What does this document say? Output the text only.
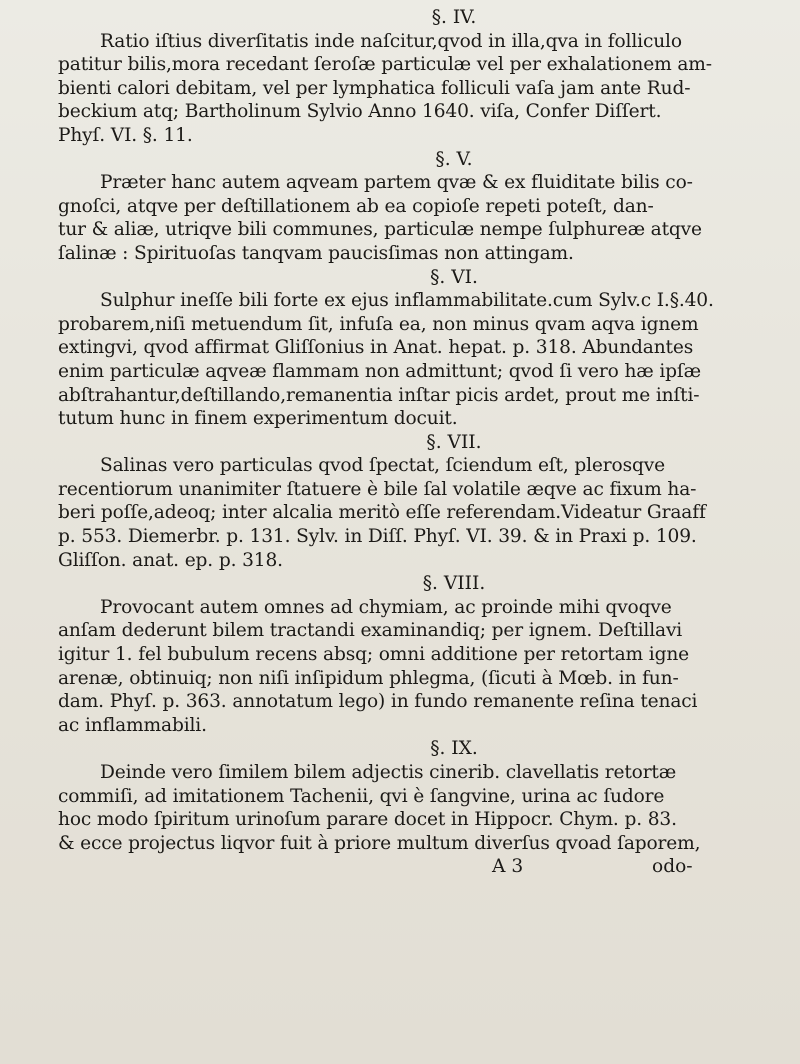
§. IV.

Ratio iſtius diverſitatis inde naſcitur,qvod in illa,qva in folliculo

patitur bilis,mora recedant ſeroſæ particulæ vel per exhalationem am-

bienti calori debitam, vel per lymphatica folliculi vaſa jam ante Rud-

beckium atq; Bartholinum Sylvio Anno 1640. viſa, Confer Diſſert.

Phyſ. VI. §. 11.

§. V.

Præter hanc autem aqveam partem qvæ & ex fluiditate bilis co-

gnoſci, atqve per deſtillationem ab ea copioſe repeti poteſt, dan-

tur & aliæ, utriqve bili communes, particulæ nempe ſulphureæ atqve

ſalinæ : Spirituoſas tanqvam paucisſimas non attingam.

§. VI.

Sulphur ineſſe bili forte ex ejus inflammabilitate.cum Sylv.c I.§.40.

probarem,niſi metuendum ſit, infuſa ea, non minus qvam aqva ignem

extingvi, qvod affirmat Gliſſonius in Anat. hepat. p. 318. Abundantes

enim particulæ aqveæ flammam non admittunt; qvod ſi vero hæ ipſæ

abſtrahantur,deſtillando,remanentia inſtar picis ardet, prout me inſti-

tutum hunc in finem experimentum docuit.

§. VII.

Salinas vero particulas qvod ſpectat, ſciendum eſt, plerosqve

recentiorum unanimiter ſtatuere è bile ſal volatile æqve ac fixum ha-

beri poſſe,adeoq; inter alcalia meritò eſſe referendam.Videatur Graaff

p. 553. Diemerbr. p. 131. Sylv. in Diſſ. Phyſ. VI. 39. & in Praxi p. 109.

Gliſſon. anat. ep. p. 318.

§. VIII.

Provocant autem omnes ad chymiam, ac proinde mihi qvoqve

anſam dederunt bilem tractandi examinandiq; per ignem. Deſtillavi

igitur 1. fel bubulum recens absq; omni additione per retortam igne

arenæ, obtinuiq; non niſi inſipidum phlegma, (ſicuti à Mœb. in fun-

dam. Phyſ. p. 363. annotatum lego) in fundo remanente reſina tenaci

ac inflammabili.

§. IX.

Deinde vero ſimilem bilem adjectis cinerib. clavellatis retortæ

commiſi, ad imitationem Tachenii, qvi è ſangvine, urina ac ſudore

hoc modo ſpiritum urinoſum parare docet in Hippocr. Chym. p. 83.

& ecce projectus liqvor fuit à priore multum diverſus qvoad ſaporem,

A 3	odo-
